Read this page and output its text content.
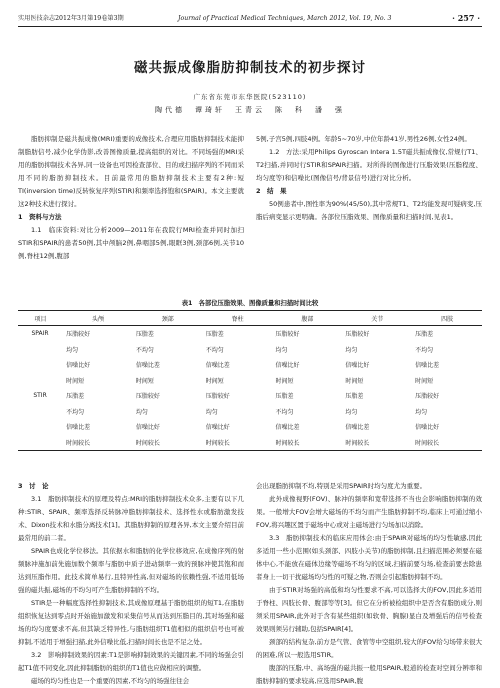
实用医技杂志2012年3月第19卷第3期	Journal of Practical Medical Techniques, March 2012, Vol. 19, No. 3	· 257 ·
磁共振成像脂肪抑制技术的初步探讨
广东省东莞市东华医院(523110)
陶代德　谭琦轩　王青云　陈　科　潘　强

脂肪抑制是磁共振成像(MRI)重要的成像技术,合理应用脂肪抑制技术能抑制脂肪信号,减少化学伪影,改善图像质量,提高组织的对比。不同场强的MRI采用的脂肪抑制技术各异,同一设备也可因检查部位、目的或扫描序列的不同而采用不同的脂肪抑制技术。目前最常用的脂肪抑制技术主要有2种:短TI(inversion time)反转恢复序列(STIR)和频率选择饱和(SPAIR)。本文主要就这2种技术进行探讨。

1　资料与方法

1.1　临床资料:对比分析2009—2011年在我院行MRI检查并同时加扫STIR和SPAIR的患者50例,其中颅脑2例,鼻咽部5例,眼眶3例,颈部6例,关节10例,脊柱12例,腹部

5例,子宫5例,四肢4例。年龄5~70岁,中位年龄41岁,男性26例,女性24例。

1.2　方法:采用Philips Gyroscan Intera 1.5T磁共振成像仪,常规行T1、T2扫描,并同时行STIR和SPAIR扫描。对所得的图像进行压脂效果(压脂程度、均匀度等)和信噪比(图像信号/背景信号)进行对比分析。

2　结　果

50例患者中,图性率为90%(45/50),其中常规T1、T2均能发现可疑病变,压脂后病变显示更明确。各部位压脂效果、图像质量和扫描时间,见表1。

表1　各部位压脂效果、图像质量和扫描时间比较
项目	头颅	颈部	脊柱	腹部	关节	四肢
SPAIR	压脂较好	压脂差	压脂差	压脂较好	压脂较好	压脂差
	均匀	不均匀	不均匀	均匀	均匀	不均匀
	信噪比好	信噪比差	信噪比差	信噪比好	信噪比好	信噪比差
	时间短	时间短	时间短	时间短	时间短	时间短
STIR	压脂差	压脂较好	压脂较好	压脂差	压脂差	压脂较好
	不均匀	均匀	均匀	不均匀	均匀	均匀
	信噪比差	信噪比好	信噪比好	信噪比差	信噪比差	信噪比好
	时间较长	时间较长	时间较长	时间较长	时间较长	时间较长

3　讨　论

3.1　脂肪抑制技术的原理及特点:MRI的脂肪抑制技术众多,主要有以下几种:STIR、SPAIR、频率选择反转脉冲脂肪抑制技术、选择性水或脂肪激发技术、Dixon技术和水脂分离技术[1]。其脂肪抑制的原理各异,本文主要介绍目前最常用的前二者。

SPAIR也成化学位移法。其依据水和脂肪的化学位移效应,在成像序列的射频脉冲施加前先施加数个频率与脂肪中质子进动频率一致的预脉冲使其饱和而达到压脂作用。此技术简单易行,且特异性高,但对磁场的依赖性强,不适用低场强的磁共振,磁场的不均匀可产生脂肪抑制的不均。

STIR是一种幅度选择性抑制技术,其成像原理基于脂肪组织的短T1,在脂肪组织恢复达到零点时开始施加激发和采集信号从而达到压脂目的,其对场强和磁场的均匀度要求不高,但其缺乏特异性,与脂肪组织T1值相似的组织信号也可被抑制,不适用于增强扫描,此外信噪比低,扫描时间长也是不足之处。

3.2　影响抑制效果的因素:T1是影响抑制效果的关键因素,不同的场强会引起T1值不同变化,因此抑制脂肪的组织的T1值也应做相应的调整。

磁场的均匀性也是一个重要的因素,不均匀的场强往往会

会出现脂肪抑制不均,特别是采用SPAIR时均匀度尤为重要。

此外成像视野(FOV)、脉冲的频率和宽带选择不当也会影响脂肪抑制的效果。一般增大FOV会增大磁场的不均匀而产生脂肪抑制不均,临床上可通过缩小FOV,将兴趣区置于磁场中心或对主磁场进行匀场加以消除。

3.3　脂肪抑制技术的临床应用体会:由于SPAIR对磁场的均匀性敏感,因此多适用一些小范围(如头颈部、四肢小关节)的脂肪抑制,且扫描范围必须要在磁体中心,不能放在磁体边缘等磁场不均匀的区域,扫描前要匀场,检查前要去除患者身上一切干扰磁场均匀性的可疑之物,否则会引起脂肪抑制不均。

由于STIR对场强的高低和均匀性要求不高,可以选择大的FOV,因此多适用于脊柱、四肢长骨、腹部等等[3]。但它在分析被检组织中是否含有脂肪成分,则须采用SPAIR,此外对于含有某些组织(如软骨、胸腺)显白及增强后的信号检查效果则须另行辅助,包括SPAIR[4]。

颈部的结构复杂,前方是气管、食管等中空组织,较大的FOV给匀场带来很大的困难,所以一般选用STIR。

腹部的压脂,中、高场强的磁共振一般用SPAIR,般道的检查对空间分辨率和脂肪抑制的要求较高,应选用SPAIR,腹
